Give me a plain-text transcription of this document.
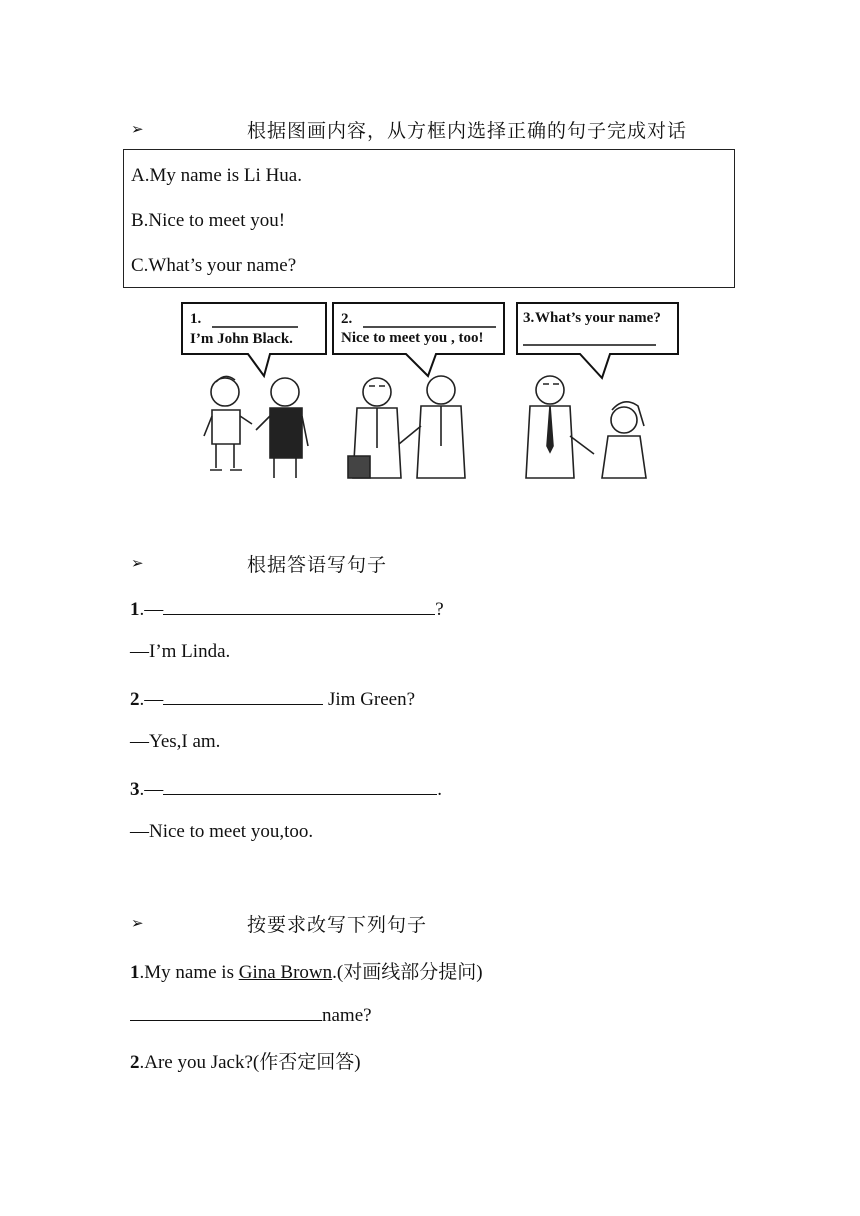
➢	根据图画内容，从方框内选择正确的句子完成对话
A.My name is Li Hua.
B.Nice to meet you!
C.What’s your name?
1.
I’m John Black.
2.
Nice to meet you , too!
3. What’s your name?
➢	根据答语写句子
1.—	?
—I’m Linda.
2.—	Jim Green?
—Yes,I am.
3.—	.
—Nice to meet you,too.
➢	按要求改写下列句子
1.My name is Gina Brown.(对画线部分提问)
name?
2.Are you Jack?(作否定回答)
